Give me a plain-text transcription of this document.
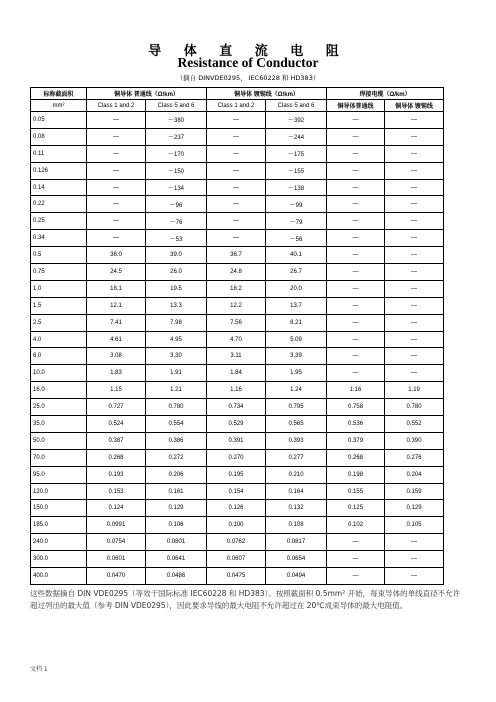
导 体 直 流 电 阻
Resistance of Conductor
（摘自 DINVDE0295、 IEC60228 和 HD383）
标称截面积	铜导体 普通线（Ω/km）		铜导体 镀锡线（Ω/km）		焊接电缆（Ω/km）	
mm²	Class 1 and 2	Class 5 and 6	Class 1 and 2	Class 5 and 6	铜导体普通线	铜导体 镀锡线
0.05	—	～380	—	～392	—	—
0.08	—	～237	—	～244	—	—
0.11	—	～170	—	～175	—	—
0.126	—	～150	—	～155	—	—
0.14	—	～134	—	～138	—	—
0.22	—	～96	—	～99	—	—
0.25	—	～76	—	～79	—	—
0.34	—	～53	—	～56	—	—
0.5	36.0	39.0	36.7	40.1	—	—
0.75	24.5	26.0	24.8	26.7	—	—
1.0	18.1	19.5	18.2	20.0	—	—
1.5	12.1	13.3	12.2	13.7	—	—
2.5	7.41	7.98	7.56	8.21	—	—
4.0	4.61	4.95	4.70	5.09	—	—
6.0	3.08	3.30	3.11	3.39	—	—
10.0	1.83	1.91	1.84	1.95	—	—
16.0	1.15	1.21	1.16	1.24	1.16	1.19
25.0	0.727	0.780	0.734	0.795	0.758	0.780
35.0	0.524	0.554	0.529	0.565	0.536	0.552
50.0	0.387	0.386	0.391	0.393	0.379	0.390
70.0	0.268	0.272	0.270	0.277	0.268	0.276
95.0	0.193	0.206	0.195	0.210	0.198	0.204
120.0	0.153	0.161	0.154	0.164	0.155	0.159
150.0	0.124	0.129	0.126	0.132	0.125	0.129
185.0	0.0991	0.106	0.100	0.108	0.102	0.105
240.0	0.0754	0.0801	0.0762	0.0817	—	—
300.0	0.0601	0.0641	0.0607	0.0654	—	—
400.0	0.0470	0.0486	0.0475	0.0494	—	—
这些数据摘自 DIN VDE0295（等效于国际标准 IEC60228 和 HD383）。按照截面积 0.5mm² 开始，每束导体的单线直径不允许超过列出的最大值（参考 DIN VDE0295），因此要求导线的最大电阻不允许超过在 20℃成束导体的最大电阻值。
文档 1
